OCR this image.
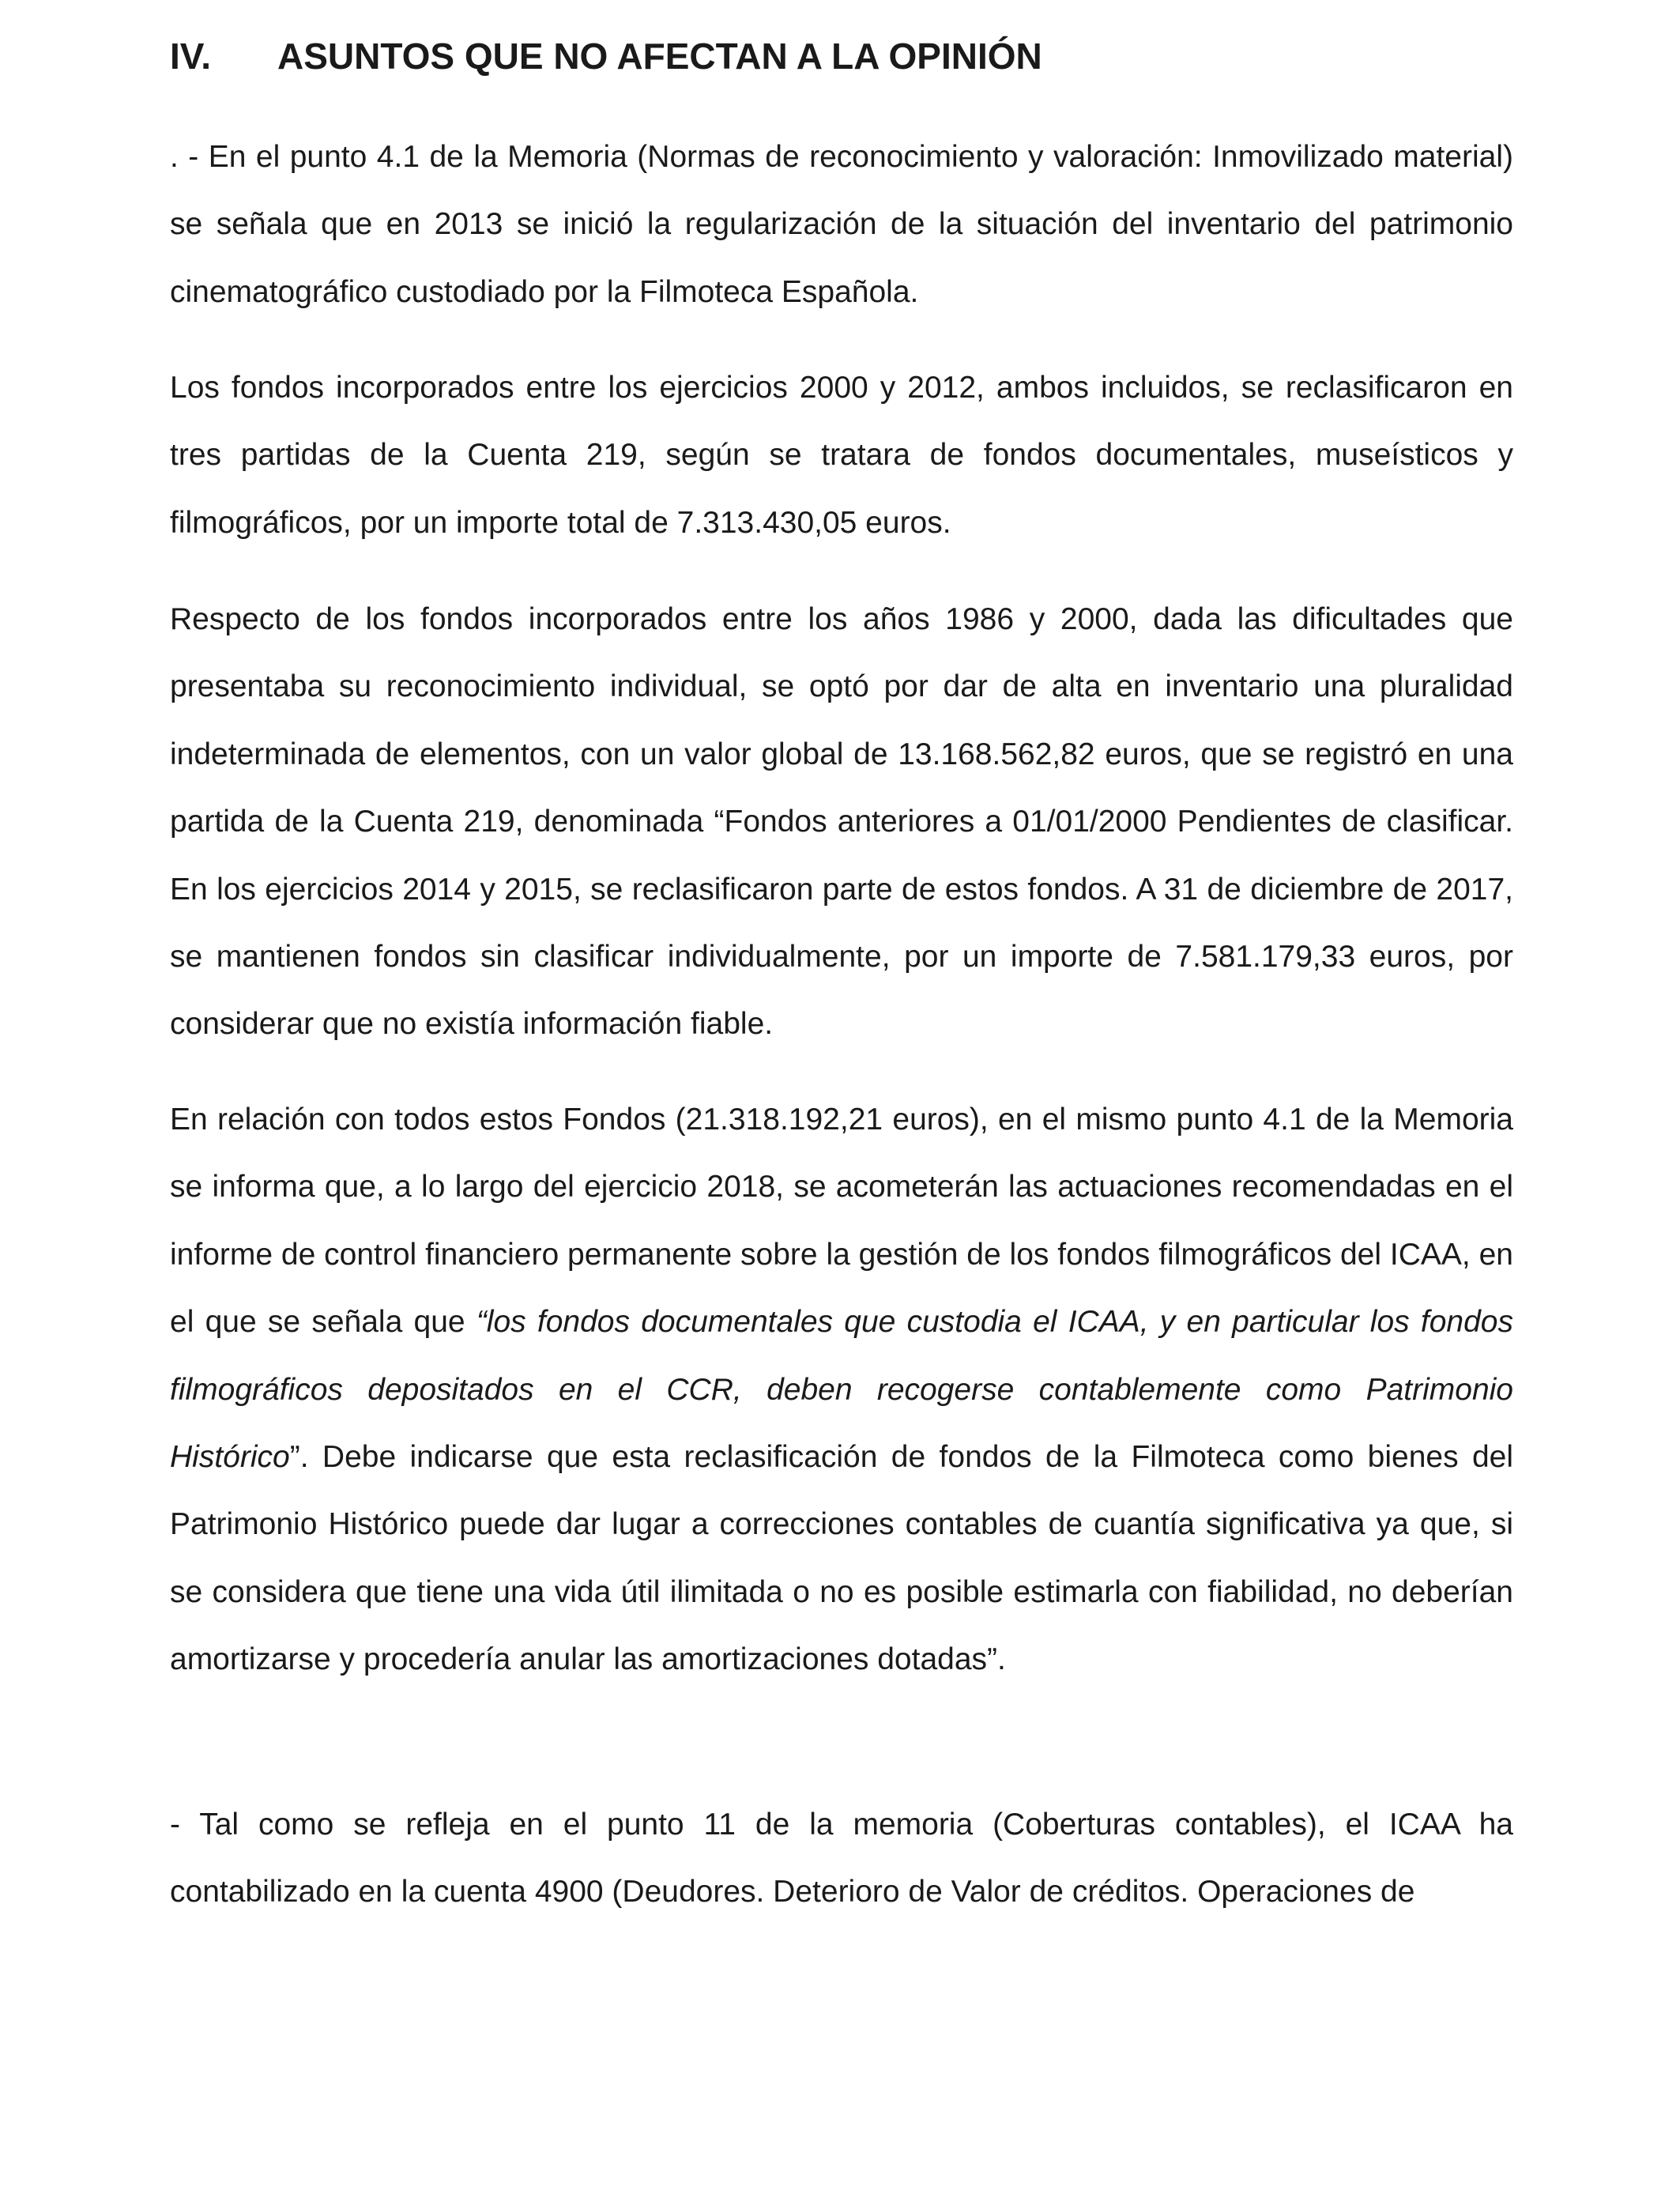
IV. ASUNTOS QUE NO AFECTAN A LA OPINIÓN

. - En el punto 4.1 de la Memoria (Normas de reconocimiento y valoración: Inmovilizado material) se señala que en 2013 se inició la regularización de la situación del inventario del patrimonio cinematográfico custodiado por la Filmoteca Española.

Los fondos incorporados entre los ejercicios 2000 y 2012, ambos incluidos, se reclasificaron en tres partidas de la Cuenta 219, según se tratara de fondos documentales, museísticos y filmográficos, por un importe total de 7.313.430,05 euros.

Respecto de los fondos incorporados entre los años 1986 y 2000, dada las dificultades que presentaba su reconocimiento individual, se optó por dar de alta en inventario una pluralidad indeterminada de elementos, con un valor global de 13.168.562,82 euros, que se registró en una partida de la Cuenta 219, denominada “Fondos anteriores a 01/01/2000 Pendientes de clasificar. En los ejercicios 2014 y 2015, se reclasificaron parte de estos fondos. A 31 de diciembre de 2017, se mantienen fondos sin clasificar individualmente, por un importe de 7.581.179,33 euros, por considerar que no existía información fiable.

En relación con todos estos Fondos (21.318.192,21 euros), en el mismo punto 4.1 de la Memoria se informa que, a lo largo del ejercicio 2018, se acometerán las actuaciones recomendadas en el informe de control financiero permanente sobre la gestión de los fondos filmográficos del ICAA, en el que se señala que “los fondos documentales que custodia el ICAA, y en particular los fondos filmográficos depositados en el CCR, deben recogerse contablemente como Patrimonio Histórico”. Debe indicarse que esta reclasificación de fondos de la Filmoteca como bienes del Patrimonio Histórico puede dar lugar a correcciones contables de cuantía significativa ya que, si se considera que tiene una vida útil ilimitada o no es posible estimarla con fiabilidad, no deberían amortizarse y procedería anular las amortizaciones dotadas”.

- Tal como se refleja en el punto 11 de la memoria (Coberturas contables), el ICAA ha contabilizado en la cuenta 4900 (Deudores. Deterioro de Valor de créditos. Operaciones de
